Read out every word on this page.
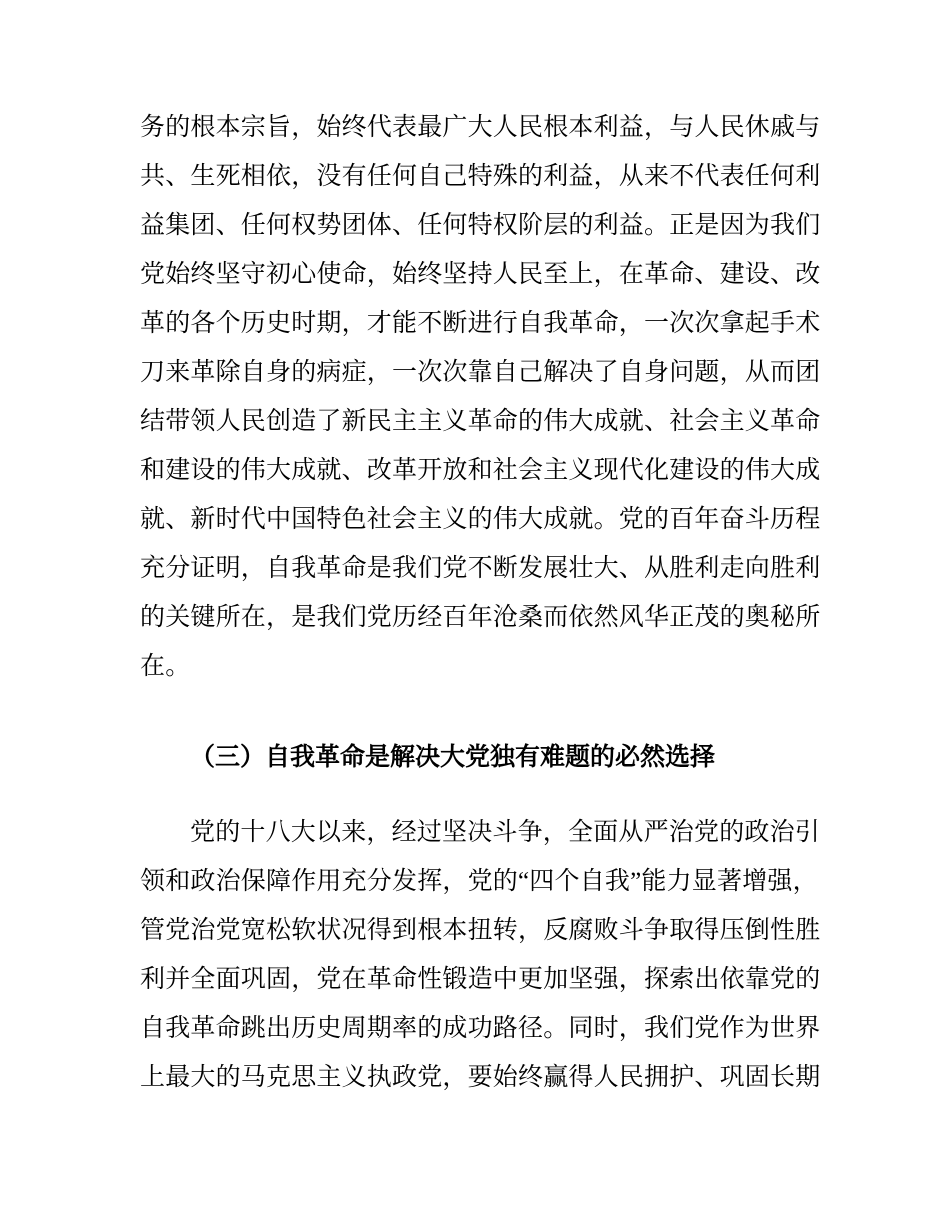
务的根本宗旨，始终代表最广大人民根本利益，与人民休戚与
共、生死相依，没有任何自己特殊的利益，从来不代表任何利
益集团、任何权势团体、任何特权阶层的利益。正是因为我们
党始终坚守初心使命，始终坚持人民至上，在革命、建设、改
革的各个历史时期，才能不断进行自我革命，一次次拿起手术
刀来革除自身的病症，一次次靠自己解决了自身问题，从而团
结带领人民创造了新民主主义革命的伟大成就、社会主义革命
和建设的伟大成就、改革开放和社会主义现代化建设的伟大成
就、新时代中国特色社会主义的伟大成就。党的百年奋斗历程
充分证明，自我革命是我们党不断发展壮大、从胜利走向胜利
的关键所在，是我们党历经百年沧桑而依然风华正茂的奥秘所
在。
（三）自我革命是解决大党独有难题的必然选择
党的十八大以来，经过坚决斗争，全面从严治党的政治引
领和政治保障作用充分发挥，党的“四个自我”能力显著增强，
管党治党宽松软状况得到根本扭转，反腐败斗争取得压倒性胜
利并全面巩固，党在革命性锻造中更加坚强，探索出依靠党的
自我革命跳出历史周期率的成功路径。同时，我们党作为世界
上最大的马克思主义执政党，要始终赢得人民拥护、巩固长期
